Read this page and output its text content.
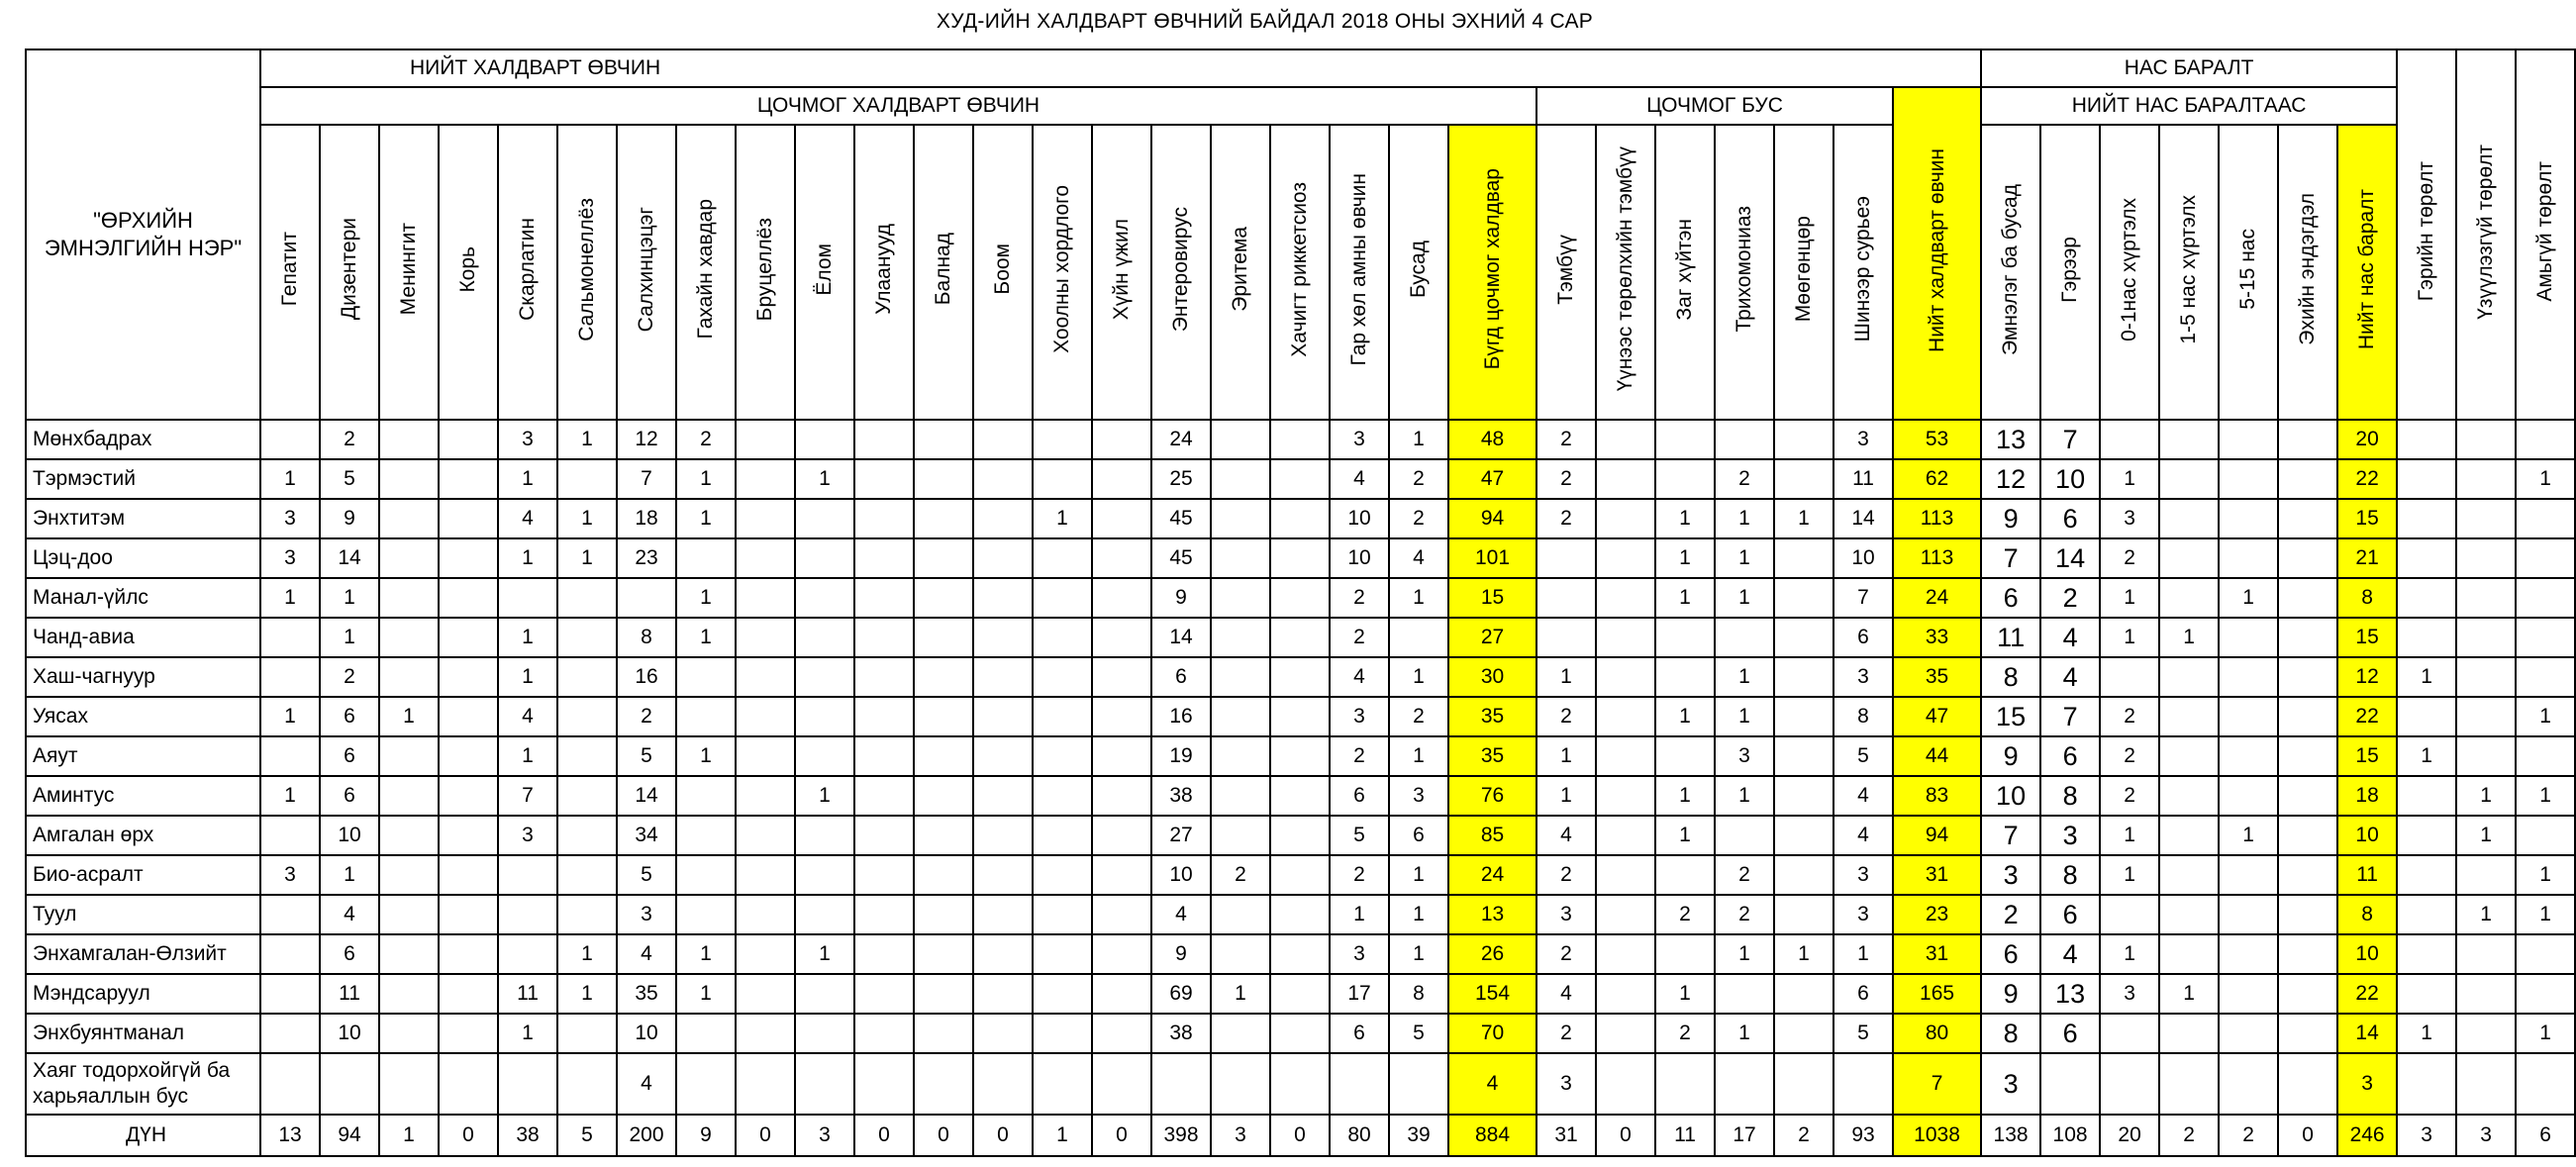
ХУД-ИЙН ХАЛДВАРТ ӨВЧНИЙ БАЙДАЛ 2018 ОНЫ ЭХНИЙ 4 САР
"ӨРХИЙН ЭМНЭЛГИЙН НЭР"	НИЙТ ХАЛДВАРТ ӨВЧИН																												НАС БАРАЛТ							Гэрийн төрөлт	Үзүүлэзгүй төрөлт	Амьгүй төрөлт
	ЦОЧМОГ ХАЛДВАРТ ӨВЧИН																					ЦОЧМОГ БУС						Нийт халдварт өвчин	НИЙТ НАС БАРАЛТААС									
	Гепатит	Дизентери	Менингит	Корь	Скарлатин	Сальмонеллёз	Салхинцэцэг	Гахайн хавдар	Бруцеллёз	Ёлом	Улаанууд	Балнад	Боом	Хоолны хордлого	Хүйн үжил	Энтеровирус	Эритема	Хачигт риккетсиоз	Гар хөл амны өвчин	Бусад	Бүгд цочмог халдвар	Тэмбүү	Үүнээс төрөлхийн тэмбүү	Заг хүйтэн	Трихомониаз	Мөөгөнцөр	Шинээр сурьеэ		Эмнэлэг ба бусад	Гэрээр	0-1нас хүртэлх	1-5 нас хүртэлх	5-15 нас	Эхийн эндэгдэл	Нийт нас баралт			
Мөнхбадрах		2			3	1	12	2								24			3	1	48	2					3	53	13	7					20			
Тэрмэстий	1	5			1		7	1		1						25			4	2	47	2			2		11	62	12	10	1				22			1
Энхтитэм	3	9			4	1	18	1						1		45			10	2	94	2		1	1	1	14	113	9	6	3				15			
Цэц-доо	3	14			1	1	23									45			10	4	101			1	1		10	113	7	14	2				21			
Манал-үйлс	1	1						1								9			2	1	15			1	1		7	24	6	2	1		1		8			
Чанд-авиа		1			1		8	1								14			2		27						6	33	11	4	1	1			15			
Хаш-чагнуур		2			1		16									6			4	1	30	1			1		3	35	8	4					12	1		
Уясах	1	6	1		4		2									16			3	2	35	2		1	1		8	47	15	7	2				22			1
Аяут		6			1		5	1								19			2	1	35	1			3		5	44	9	6	2				15	1		
Аминтус	1	6			7		14			1						38			6	3	76	1		1	1		4	83	10	8	2				18		1	1
Амгалан өрх		10			3		34									27			5	6	85	4		1			4	94	7	3	1		1		10		1	
Био-асралт	3	1					5									10	2		2	1	24	2			2		3	31	3	8	1				11			1
Туул		4					3									4			1	1	13	3		2	2		3	23	2	6					8		1	1
Энхамгалан-Өлзийт		6				1	4	1		1						9			3	1	26	2			1	1	1	31	6	4	1				10			
Мэндсаруул		11			11	1	35	1								69	1		17	8	154	4		1			6	165	9	13	3	1			22			
Энхбуянтманал		10			1		10									38			6	5	70	2		2	1		5	80	8	6					14	1		1
Хаяг тодорхойгүй ба харьяаллын бус							4														4	3						7	3						3			
ДҮН	13	94	1	0	38	5	200	9	0	3	0	0	0	1	0	398	3	0	80	39	884	31	0	11	17	2	93	1038	138	108	20	2	2	0	246	3	3	6
